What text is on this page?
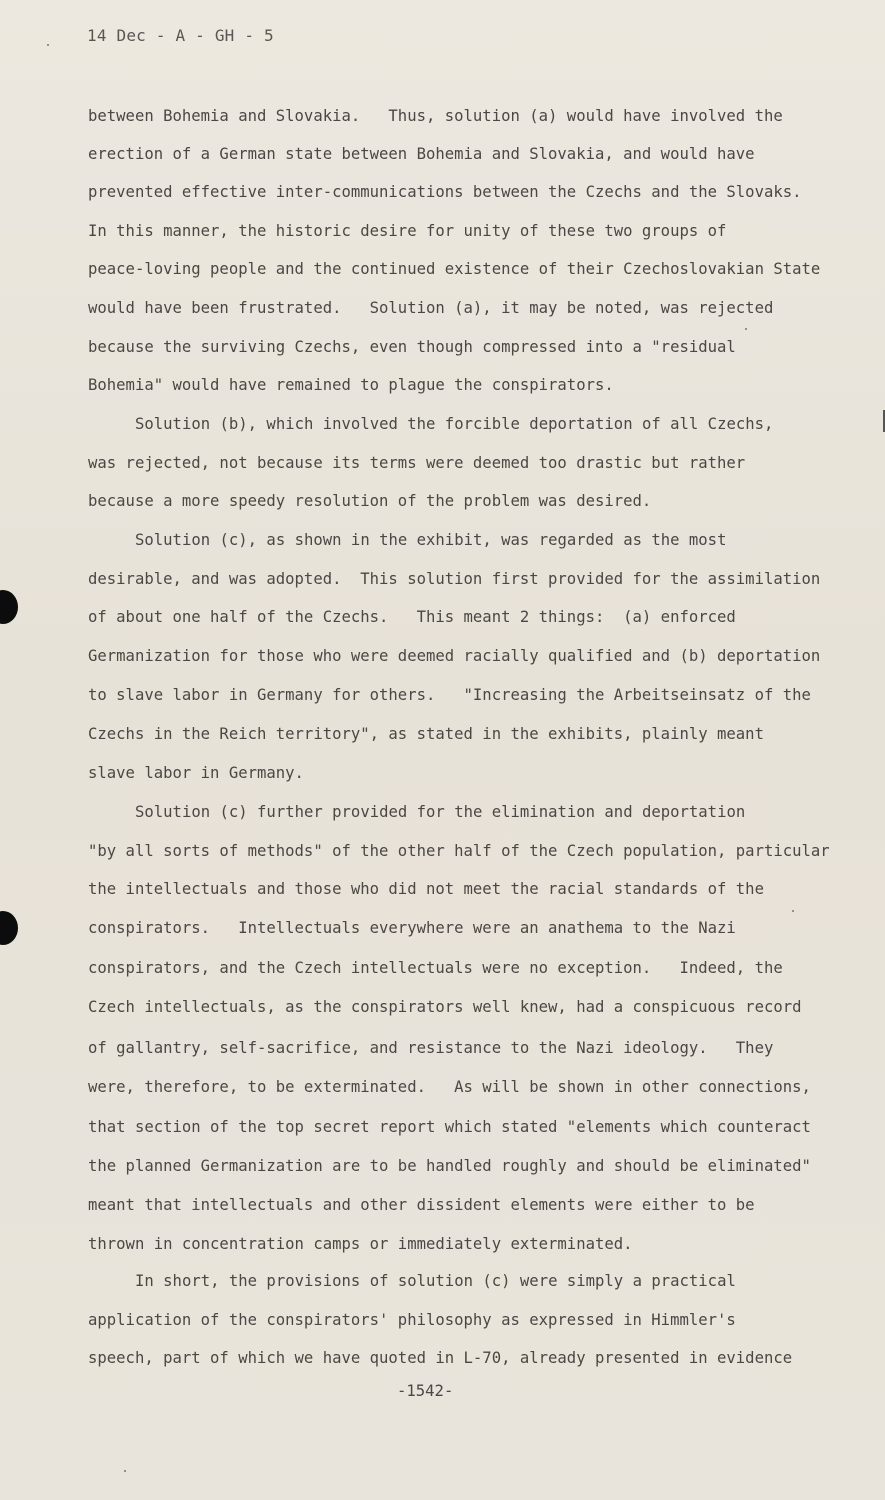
14 Dec - A - GH - 5
between Bohemia and Slovakia.   Thus, solution (a) would have involved the
erection of a German state between Bohemia and Slovakia, and would have
prevented effective inter-communications between the Czechs and the Slovaks.
In this manner, the historic desire for unity of these two groups of
peace-loving people and the continued existence of their Czechoslovakian State
would have been frustrated.   Solution (a), it may be noted, was rejected
because the surviving Czechs, even though compressed into a "residual
Bohemia" would have remained to plague the conspirators.
Solution (b), which involved the forcible deportation of all Czechs,
was rejected, not because its terms were deemed too drastic but rather
because a more speedy resolution of the problem was desired.
Solution (c), as shown in the exhibit, was regarded as the most
desirable, and was adopted.  This solution first provided for the assimilation
of about one half of the Czechs.   This meant 2 things:  (a) enforced
Germanization for those who were deemed racially qualified and (b) deportation
to slave labor in Germany for others.   "Increasing the Arbeitseinsatz of the
Czechs in the Reich territory", as stated in the exhibits, plainly meant
slave labor in Germany.
Solution (c) further provided for the elimination and deportation
"by all sorts of methods" of the other half of the Czech population, particular
the intellectuals and those who did not meet the racial standards of the
conspirators.   Intellectuals everywhere were an anathema to the Nazi
conspirators, and the Czech intellectuals were no exception.   Indeed, the
Czech intellectuals, as the conspirators well knew, had a conspicuous record
of gallantry, self-sacrifice, and resistance to the Nazi ideology.   They
were, therefore, to be exterminated.   As will be shown in other connections,
that section of the top secret report which stated "elements which counteract
the planned Germanization are to be handled roughly and should be eliminated"
meant that intellectuals and other dissident elements were either to be
thrown in concentration camps or immediately exterminated.
In short, the provisions of solution (c) were simply a practical
application of the conspirators' philosophy as expressed in Himmler's
speech, part of which we have quoted in L-70, already presented in evidence
-1542-
